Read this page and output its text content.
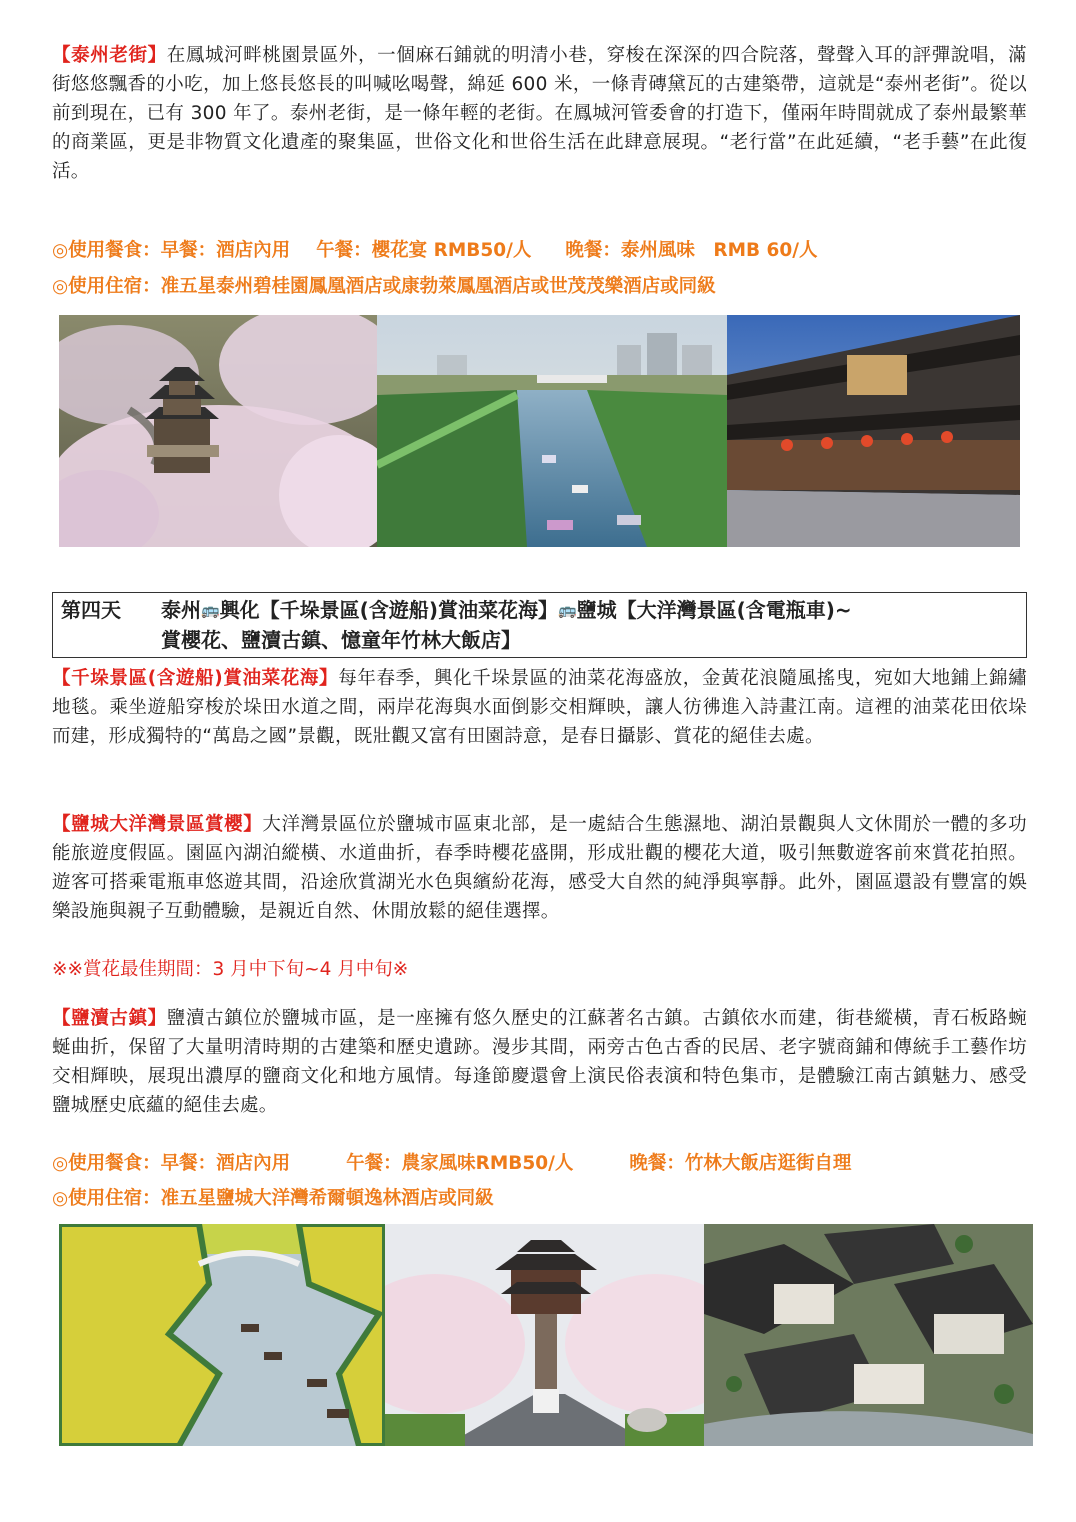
【泰州老街】在鳳城河畔桃園景區外，一個麻石鋪就的明清小巷，穿梭在深深的四合院落，聲聲入耳的評彈說唱，滿街悠悠飄香的小吃，加上悠長悠長的叫喊吆喝聲，綿延 600 米，一條青磚黛瓦的古建築帶，這就是“泰州老街”。從以前到現在，已有 300 年了。泰州老街，是一條年輕的老街。在鳳城河管委會的打造下，僅兩年時間就成了泰州最繁華的商業區，更是非物質文化遺產的聚集區，世俗文化和世俗生活在此肆意展現。“老行當”在此延續，“老手藝”在此復活。
◎使用餐食：早餐：酒店內用 午餐：櫻花宴 RMB50/人 晚餐：泰州風味　RMB 60/人
◎使用住宿：准五星泰州碧桂園鳳凰酒店或康勃萊鳳凰酒店或世茂茂樂酒店或同級
第四天 泰州🚌興化【千垛景區(含遊船)賞油菜花海】🚌鹽城【大洋灣景區(含電瓶車)~
賞櫻花、鹽瀆古鎮、憶童年竹林大飯店】
【千垛景區(含遊船)賞油菜花海】每年春季，興化千垛景區的油菜花海盛放，金黃花浪隨風搖曳，宛如大地鋪上錦繡地毯。乘坐遊船穿梭於垛田水道之間，兩岸花海與水面倒影交相輝映，讓人彷彿進入詩畫江南。這裡的油菜花田依垛而建，形成獨特的“萬島之國”景觀，既壯觀又富有田園詩意，是春日攝影、賞花的絕佳去處。
【鹽城大洋灣景區賞櫻】大洋灣景區位於鹽城市區東北部，是一處結合生態濕地、湖泊景觀與人文休閒於一體的多功能旅遊度假區。園區內湖泊縱橫、水道曲折，春季時櫻花盛開，形成壯觀的櫻花大道，吸引無數遊客前來賞花拍照。遊客可搭乘電瓶車悠遊其間，沿途欣賞湖光水色與繽紛花海，感受大自然的純淨與寧靜。此外，園區還設有豐富的娛樂設施與親子互動體驗，是親近自然、休閒放鬆的絕佳選擇。
※※賞花最佳期間：3 月中下旬~4 月中旬※
【鹽瀆古鎮】鹽瀆古鎮位於鹽城市區，是一座擁有悠久歷史的江蘇著名古鎮。古鎮依水而建，街巷縱橫，青石板路蜿蜒曲折，保留了大量明清時期的古建築和歷史遺跡。漫步其間，兩旁古色古香的民居、老字號商鋪和傳統手工藝作坊交相輝映，展現出濃厚的鹽商文化和地方風情。每逢節慶還會上演民俗表演和特色集市，是體驗江南古鎮魅力、感受鹽城歷史底蘊的絕佳去處。
◎使用餐食：早餐：酒店內用	午餐：農家風味RMB50/人	晚餐：竹林大飯店逛街自理
◎使用住宿：准五星鹽城大洋灣希爾頓逸林酒店或同級
